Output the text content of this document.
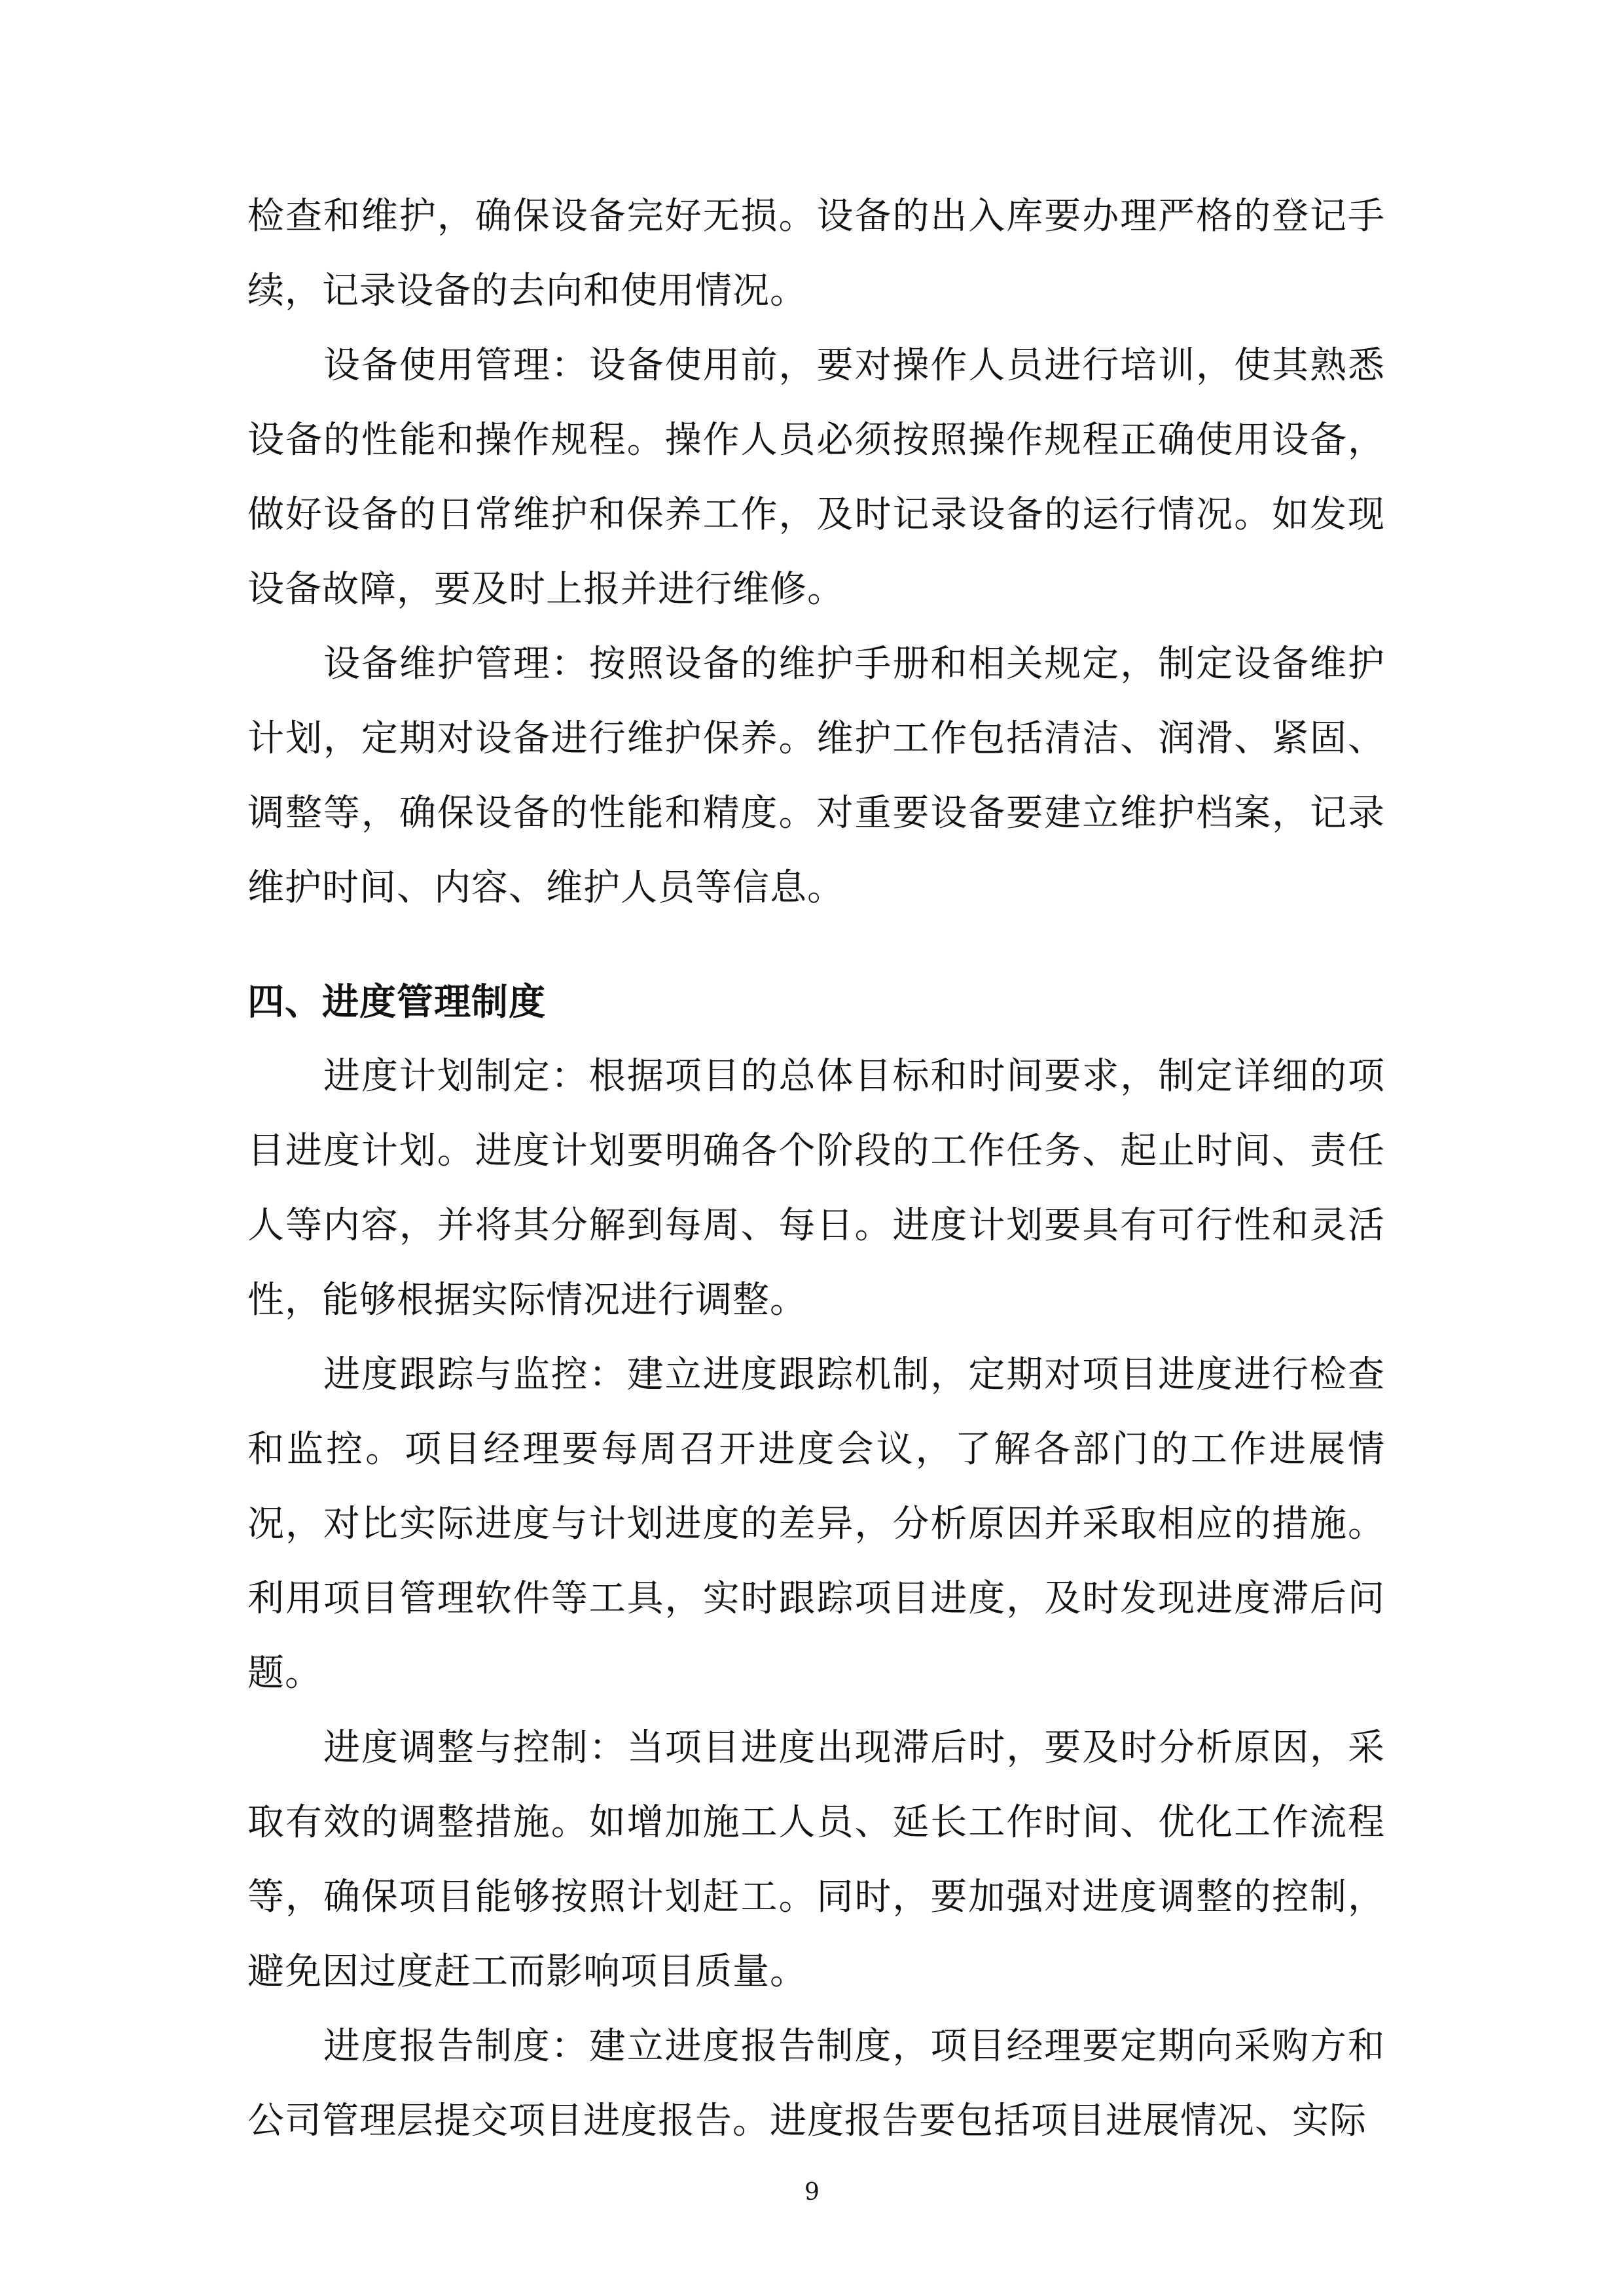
检查和维护，确保设备完好无损。设备的出入库要办理严格的登记手续，记录设备的去向和使用情况。

设备使用管理：设备使用前，要对操作人员进行培训，使其熟悉设备的性能和操作规程。操作人员必须按照操作规程正确使用设备，做好设备的日常维护和保养工作，及时记录设备的运行情况。如发现设备故障，要及时上报并进行维修。

设备维护管理：按照设备的维护手册和相关规定，制定设备维护计划，定期对设备进行维护保养。维护工作包括清洁、润滑、紧固、调整等，确保设备的性能和精度。对重要设备要建立维护档案，记录维护时间、内容、维护人员等信息。

四、进度管理制度

进度计划制定：根据项目的总体目标和时间要求，制定详细的项目进度计划。进度计划要明确各个阶段的工作任务、起止时间、责任人等内容，并将其分解到每周、每日。进度计划要具有可行性和灵活性，能够根据实际情况进行调整。

进度跟踪与监控：建立进度跟踪机制，定期对项目进度进行检查和监控。项目经理要每周召开进度会议，了解各部门的工作进展情况，对比实际进度与计划进度的差异，分析原因并采取相应的措施。利用项目管理软件等工具，实时跟踪项目进度，及时发现进度滞后问题。

进度调整与控制：当项目进度出现滞后时，要及时分析原因，采取有效的调整措施。如增加施工人员、延长工作时间、优化工作流程等，确保项目能够按照计划赶工。同时，要加强对进度调整的控制，避免因过度赶工而影响项目质量。

进度报告制度：建立进度报告制度，项目经理要定期向采购方和公司管理层提交项目进度报告。进度报告要包括项目进展情况、实际

9
